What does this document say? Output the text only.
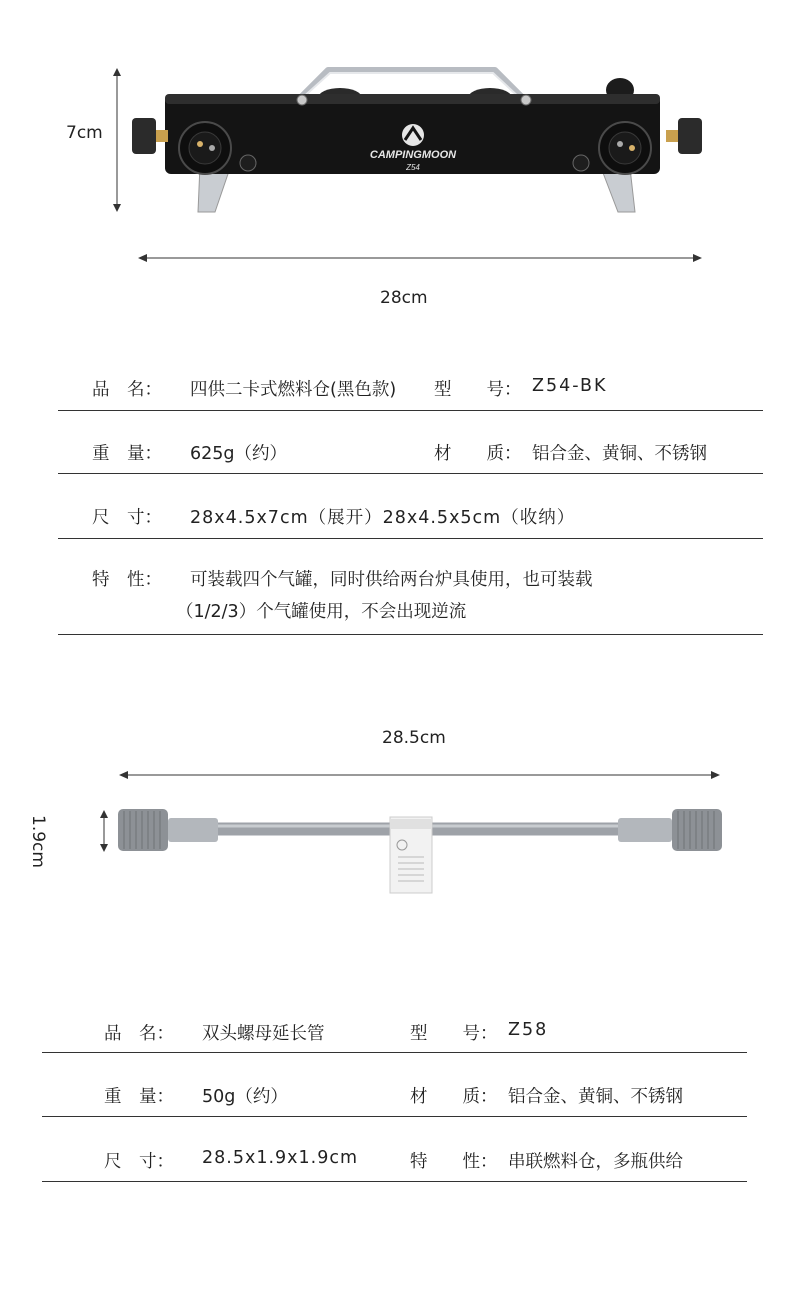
7cm
CAMPINGMOON
Z54
28cm
品　名： 四供二卡式燃料仓(黑色款) 型　　号： Z54-BK
重　量： 625g（约）	材　　质： 铝合金、黄铜、不锈钢
尺　寸： 28x4.5x7cm（展开）28x4.5x5cm（收纳）
特　性： 可装载四个气罐，同时供给两台炉具使用，也可装载
（1/2/3）个气罐使用，不会出现逆流
28.5cm
1.9cm
品　名： 双头螺母延长管	型　　号： Z58
重　量： 50g（约）	材　　质： 铝合金、黄铜、不锈钢
尺　寸： 28.5x1.9x1.9cm	特　　性： 串联燃料仓，多瓶供给
